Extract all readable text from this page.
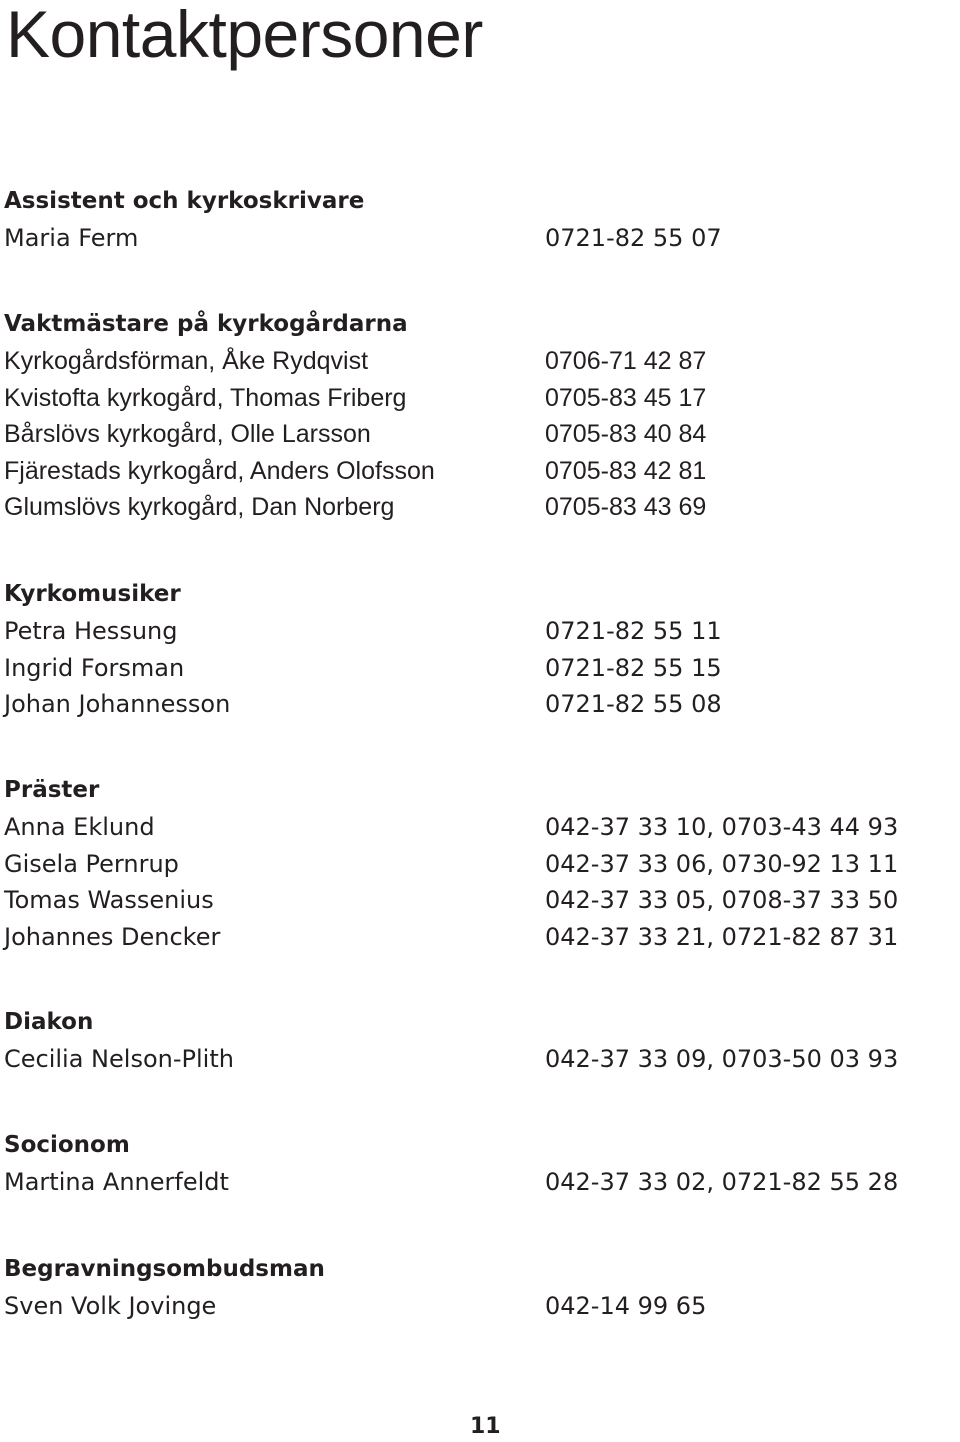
Kontaktpersoner
Assistent och kyrkoskrivare
Maria Ferm	0721-82 55 07
Vaktmästare på kyrkogårdarna
Kyrkogårdsförman, Åke Rydqvist	0706-71 42 87
Kvistofta kyrkogård, Thomas Friberg	0705-83 45 17
Bårslövs kyrkogård, Olle Larsson	0705-83 40 84
Fjärestads kyrkogård, Anders Olofsson	0705-83 42 81
Glumslövs kyrkogård, Dan Norberg	0705-83 43 69
Kyrkomusiker
Petra Hessung	0721-82 55 11
Ingrid Forsman	0721-82 55 15
Johan Johannesson	0721-82 55 08
Präster
Anna Eklund	042-37 33 10, 0703-43 44 93
Gisela Pernrup	042-37 33 06, 0730-92 13 11
Tomas Wassenius	042-37 33 05, 0708-37 33 50
Johannes Dencker	042-37 33 21, 0721-82 87 31
Diakon
Cecilia Nelson-Plith	042-37 33 09, 0703-50 03 93
Socionom
Martina Annerfeldt	042-37 33 02, 0721-82 55 28
Begravningsombudsman
Sven Volk Jovinge	042-14 99 65

11
